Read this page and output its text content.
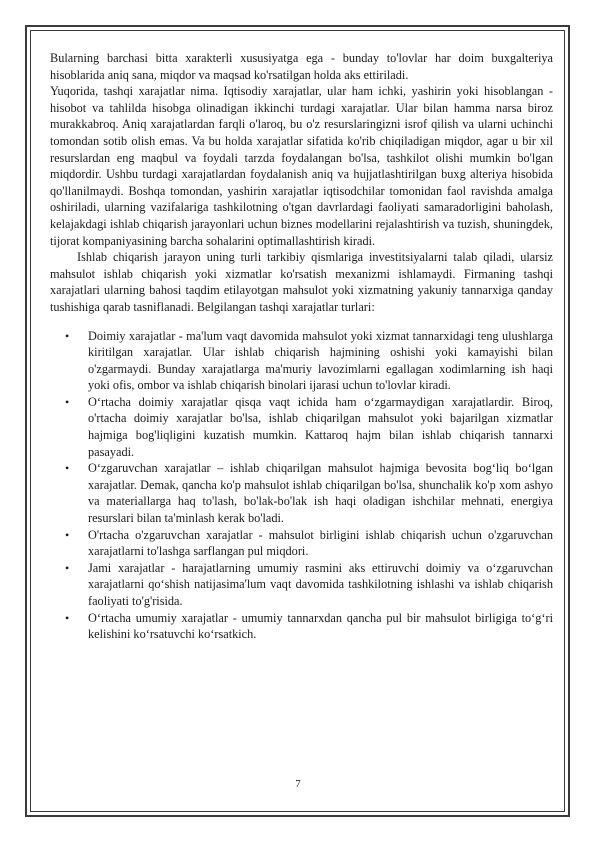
Bularning barchasi bitta xarakterli xususiyatga ega - bunday to'lovlar har doim buxgalteriya hisoblarida aniq sana, miqdor va maqsad ko'rsatilgan holda aks ettiriladi.

Yuqorida, tashqi xarajatlar nima. Iqtisodiy xarajatlar, ular ham ichki, yashirin yoki hisoblangan - hisobot va tahlilda hisobga olinadigan ikkinchi turdagi xarajatlar. Ular bilan hamma narsa biroz murakkabroq. Aniq xarajatlardan farqli o'laroq, bu o'z resurslaringizni isrof qilish va ularni uchinchi tomondan sotib olish emas. Va bu holda xarajatlar sifatida ko'rib chiqiladigan miqdor, agar u bir xil resurslardan eng maqbul va foydali tarzda foydalangan bo'lsa, tashkilot olishi mumkin bo'lgan miqdordir. Ushbu turdagi xarajatlardan foydalanish aniq va hujjatlashtirilgan buxg alteriya hisobida qo'llanilmaydi. Boshqa tomondan, yashirin xarajatlar iqtisodchilar tomonidan faol ravishda amalga oshiriladi, ularning vazifalariga tashkilotning o'tgan davrlardagi faoliyati samaradorligini baholash, kelajakdagi ishlab chiqarish jarayonlari uchun biznes modellarini rejalashtirish va tuzish, shuningdek, tijorat kompaniyasining barcha sohalarini optimallashtirish kiradi.

Ishlab chiqarish jarayon uning turli tarkibiy qismlariga investitsiyalarni talab qiladi, ularsiz mahsulot ishlab chiqarish yoki xizmatlar ko'rsatish mexanizmi ishlamaydi. Firmaning tashqi xarajatlari ularning bahosi taqdim etilayotgan mahsulot yoki xizmatning yakuniy tannarxiga qanday tushishiga qarab tasniflanadi. Belgilangan tashqi xarajatlar turlari:

• Doimiy xarajatlar - ma'lum vaqt davomida mahsulot yoki xizmat tannarxidagi teng ulushlarga kiritilgan xarajatlar. Ular ishlab chiqarish hajmining oshishi yoki kamayishi bilan o'zgarmaydi. Bunday xarajatlarga ma'muriy lavozimlarni egallagan xodimlarning ish haqi yoki ofis, ombor va ishlab chiqarish binolari ijarasi uchun to'lovlar kiradi.
• O‘rtacha doimiy xarajatlar qisqa vaqt ichida ham o‘zgarmaydigan xarajatlardir. Biroq, o'rtacha doimiy xarajatlar bo'lsa, ishlab chiqarilgan mahsulot yoki bajarilgan xizmatlar hajmiga bog'liqligini kuzatish mumkin. Kattaroq hajm bilan ishlab chiqarish tannarxi pasayadi.
• O‘zgaruvchan xarajatlar – ishlab chiqarilgan mahsulot hajmiga bevosita bog‘liq bo‘lgan xarajatlar. Demak, qancha ko'p mahsulot ishlab chiqarilgan bo'lsa, shunchalik ko'p xom ashyo va materiallarga haq to'lash, bo'lak-bo'lak ish haqi oladigan ishchilar mehnati, energiya resurslari bilan ta'minlash kerak bo'ladi.
• O'rtacha o'zgaruvchan xarajatlar - mahsulot birligini ishlab chiqarish uchun o'zgaruvchan xarajatlarni to'lashga sarflangan pul miqdori.
• Jami xarajatlar - harajatlarning umumiy rasmini aks ettiruvchi doimiy va o‘zgaruvchan xarajatlarni qo‘shish natijasima'lum vaqt davomida tashkilotning ishlashi va ishlab chiqarish faoliyati to'g'risida.
• O‘rtacha umumiy xarajatlar - umumiy tannarxdan qancha pul bir mahsulot birligiga to‘g‘ri kelishini ko‘rsatuvchi ko‘rsatkich.
7
